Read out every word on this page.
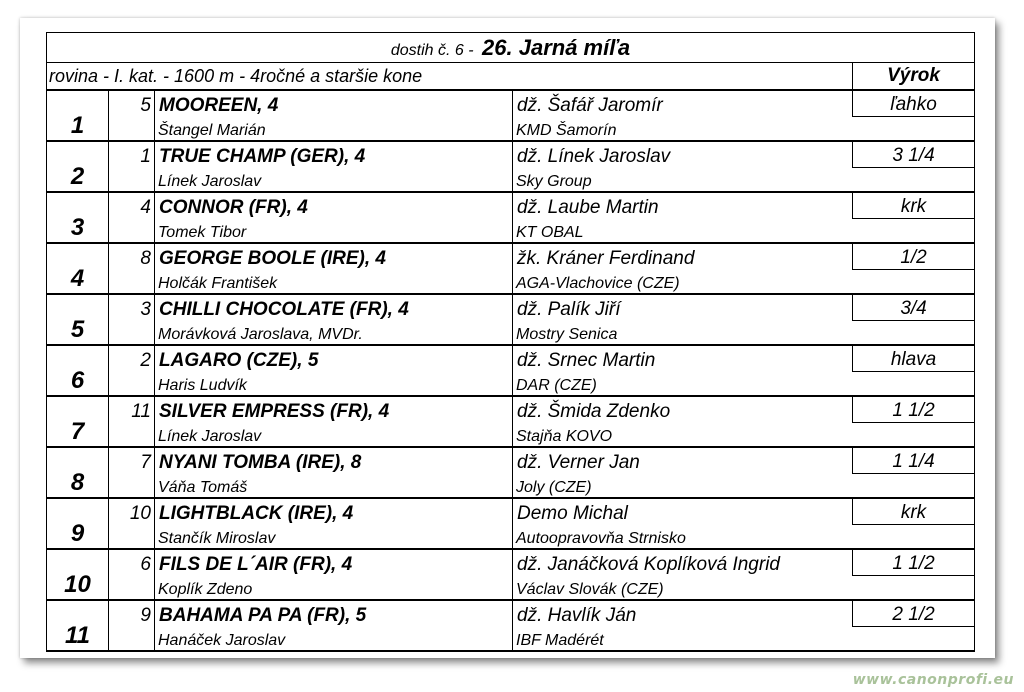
dostih č. 6 - 26. Jarná míľa				
rovina - I. kat. - 1600 m - 4ročné a staršie kone				Výrok
1	5	MOOREEN, 4	dž. Šafář Jaromír	ľahko
		Štangel Marián	KMD Šamorín	
2	1	TRUE CHAMP (GER), 4	dž. Línek Jaroslav	3 1/4
		Línek Jaroslav	Sky Group	
3	4	CONNOR (FR), 4	dž. Laube Martin	krk
		Tomek Tibor	KT OBAL	
4	8	GEORGE BOOLE (IRE), 4	žk. Kráner Ferdinand	1/2
		Holčák František	AGA-Vlachovice (CZE)	
5	3	CHILLI CHOCOLATE (FR), 4	dž. Palík Jiří	3/4
		Morávková Jaroslava, MVDr.	Mostry Senica	
6	2	LAGARO (CZE), 5	dž. Srnec Martin	hlava
		Haris Ludvík	DAR (CZE)	
7	11	SILVER EMPRESS (FR), 4	dž. Šmida Zdenko	1 1/2
		Línek Jaroslav	Stajňa KOVO	
8	7	NYANI TOMBA (IRE), 8	dž. Verner Jan	1 1/4
		Váňa Tomáš	Joly (CZE)	
9	10	LIGHTBLACK (IRE), 4	Demo Michal	krk
		Stančík Miroslav	Autoopravovňa Strnisko	
10	6	FILS DE L´AIR (FR), 4	dž. Janáčková Koplíková Ingrid	1 1/2
		Koplík Zdeno	Václav Slovák (CZE)	
11	9	BAHAMA PA PA (FR), 5	dž. Havlík Ján	2 1/2
		Hanáček Jaroslav	IBF Madérét	
www.canonprofi.eu
